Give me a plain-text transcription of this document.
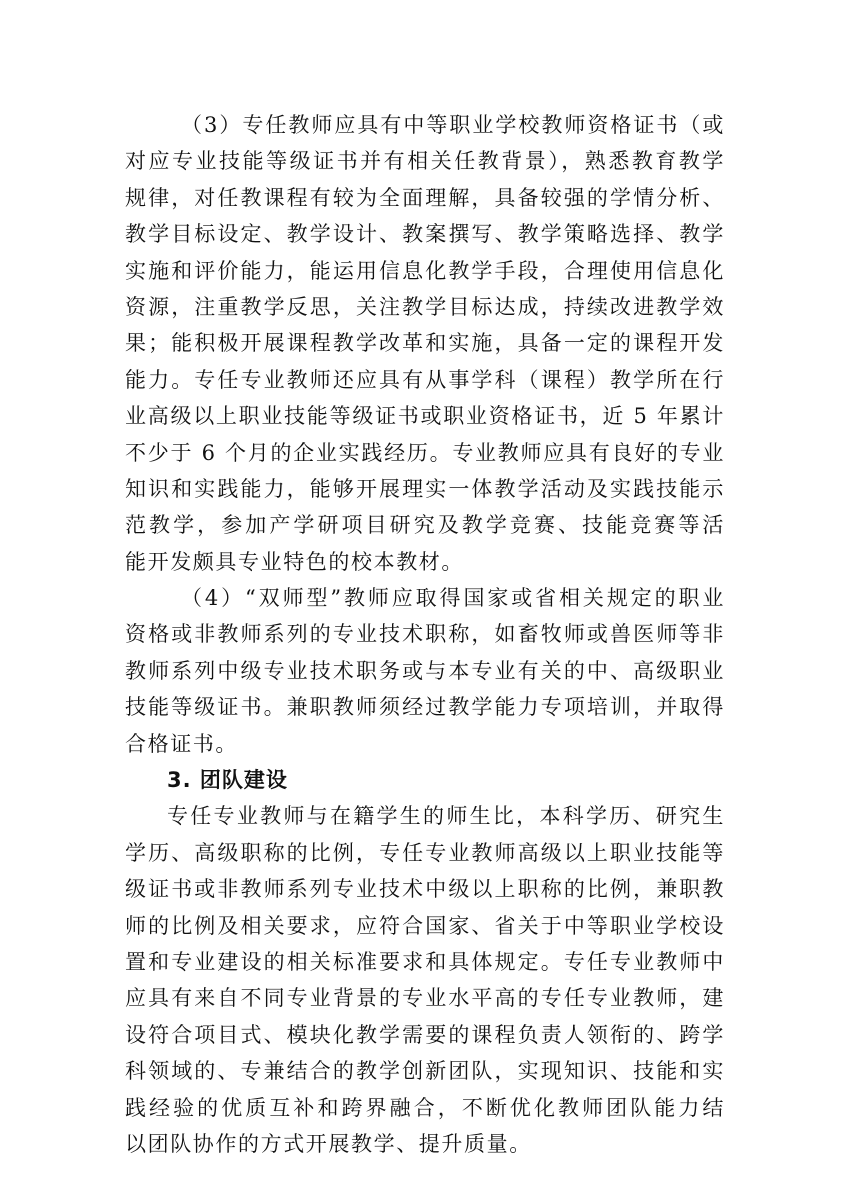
（3）专任教师应具有中等职业学校教师资格证书（或
对应专业技能等级证书并有相关任教背景），熟悉教育教学
规律，对任教课程有较为全面理解，具备较强的学情分析、
教学目标设定、教学设计、教案撰写、教学策略选择、教学
实施和评价能力，能运用信息化教学手段，合理使用信息化
资源，注重教学反思，关注教学目标达成，持续改进教学效
果；能积极开展课程教学改革和实施，具备一定的课程开发
能力。专任专业教师还应具有从事学科（课程）教学所在行
业高级以上职业技能等级证书或职业资格证书，近 5 年累计
不少于 6 个月的企业实践经历。专业教师应具有良好的专业
知识和实践能力，能够开展理实一体教学活动及实践技能示
范教学，参加产学研项目研究及教学竞赛、技能竞赛等活
能开发颇具专业特色的校本教材。
（4）“双师型”教师应取得国家或省相关规定的职业
资格或非教师系列的专业技术职称，如畜牧师或兽医师等非
教师系列中级专业技术职务或与本专业有关的中、高级职业
技能等级证书。兼职教师须经过教学能力专项培训，并取得
合格证书。
3. 团队建设
专任专业教师与在籍学生的师生比，本科学历、研究生
学历、高级职称的比例，专任专业教师高级以上职业技能等
级证书或非教师系列专业技术中级以上职称的比例，兼职教
师的比例及相关要求，应符合国家、省关于中等职业学校设
置和专业建设的相关标准要求和具体规定。专任专业教师中
应具有来自不同专业背景的专业水平高的专任专业教师，建
设符合项目式、模块化教学需要的课程负责人领衔的、跨学
科领域的、专兼结合的教学创新团队，实现知识、技能和实
践经验的优质互补和跨界融合，不断优化教师团队能力结
以团队协作的方式开展教学、提升质量。
